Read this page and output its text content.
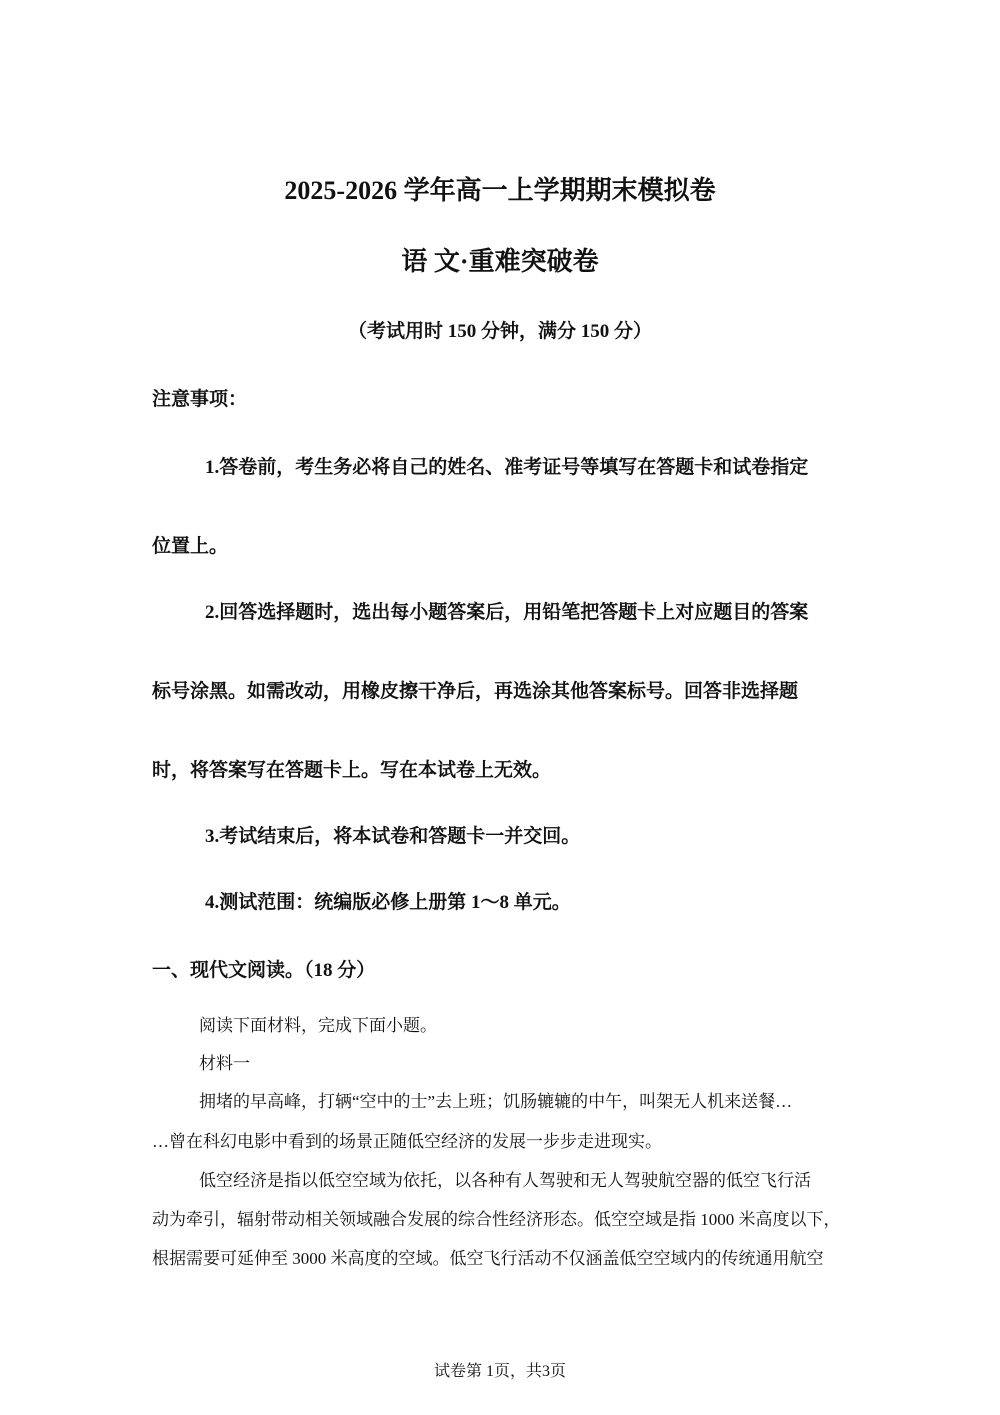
2025-2026 学年高一上学期期末模拟卷
语 文·重难突破卷
（考试用时 150 分钟，满分 150 分）
注意事项：
1.答卷前，考生务必将自己的姓名、准考证号等填写在答题卡和试卷指定
位置上。
2.回答选择题时，选出每小题答案后，用铅笔把答题卡上对应题目的答案
标号涂黑。如需改动，用橡皮擦干净后，再选涂其他答案标号。回答非选择题
时，将答案写在答题卡上。写在本试卷上无效。
3.考试结束后，将本试卷和答题卡一并交回。
4.测试范围：统编版必修上册第 1～8 单元。
一、现代文阅读。（18 分）
阅读下面材料，完成下面小题。
材料一
拥堵的早高峰，打辆“空中的士”去上班；饥肠辘辘的中午，叫架无人机来送餐…
…曾在科幻电影中看到的场景正随低空经济的发展一步步走进现实。
低空经济是指以低空空域为依托，以各种有人驾驶和无人驾驶航空器的低空飞行活
动为牵引，辐射带动相关领域融合发展的综合性经济形态。低空空域是指 1000 米高度以下，
根据需要可延伸至 3000 米高度的空域。低空飞行活动不仅涵盖低空空域内的传统通用航空
试卷第 1页，共3页
